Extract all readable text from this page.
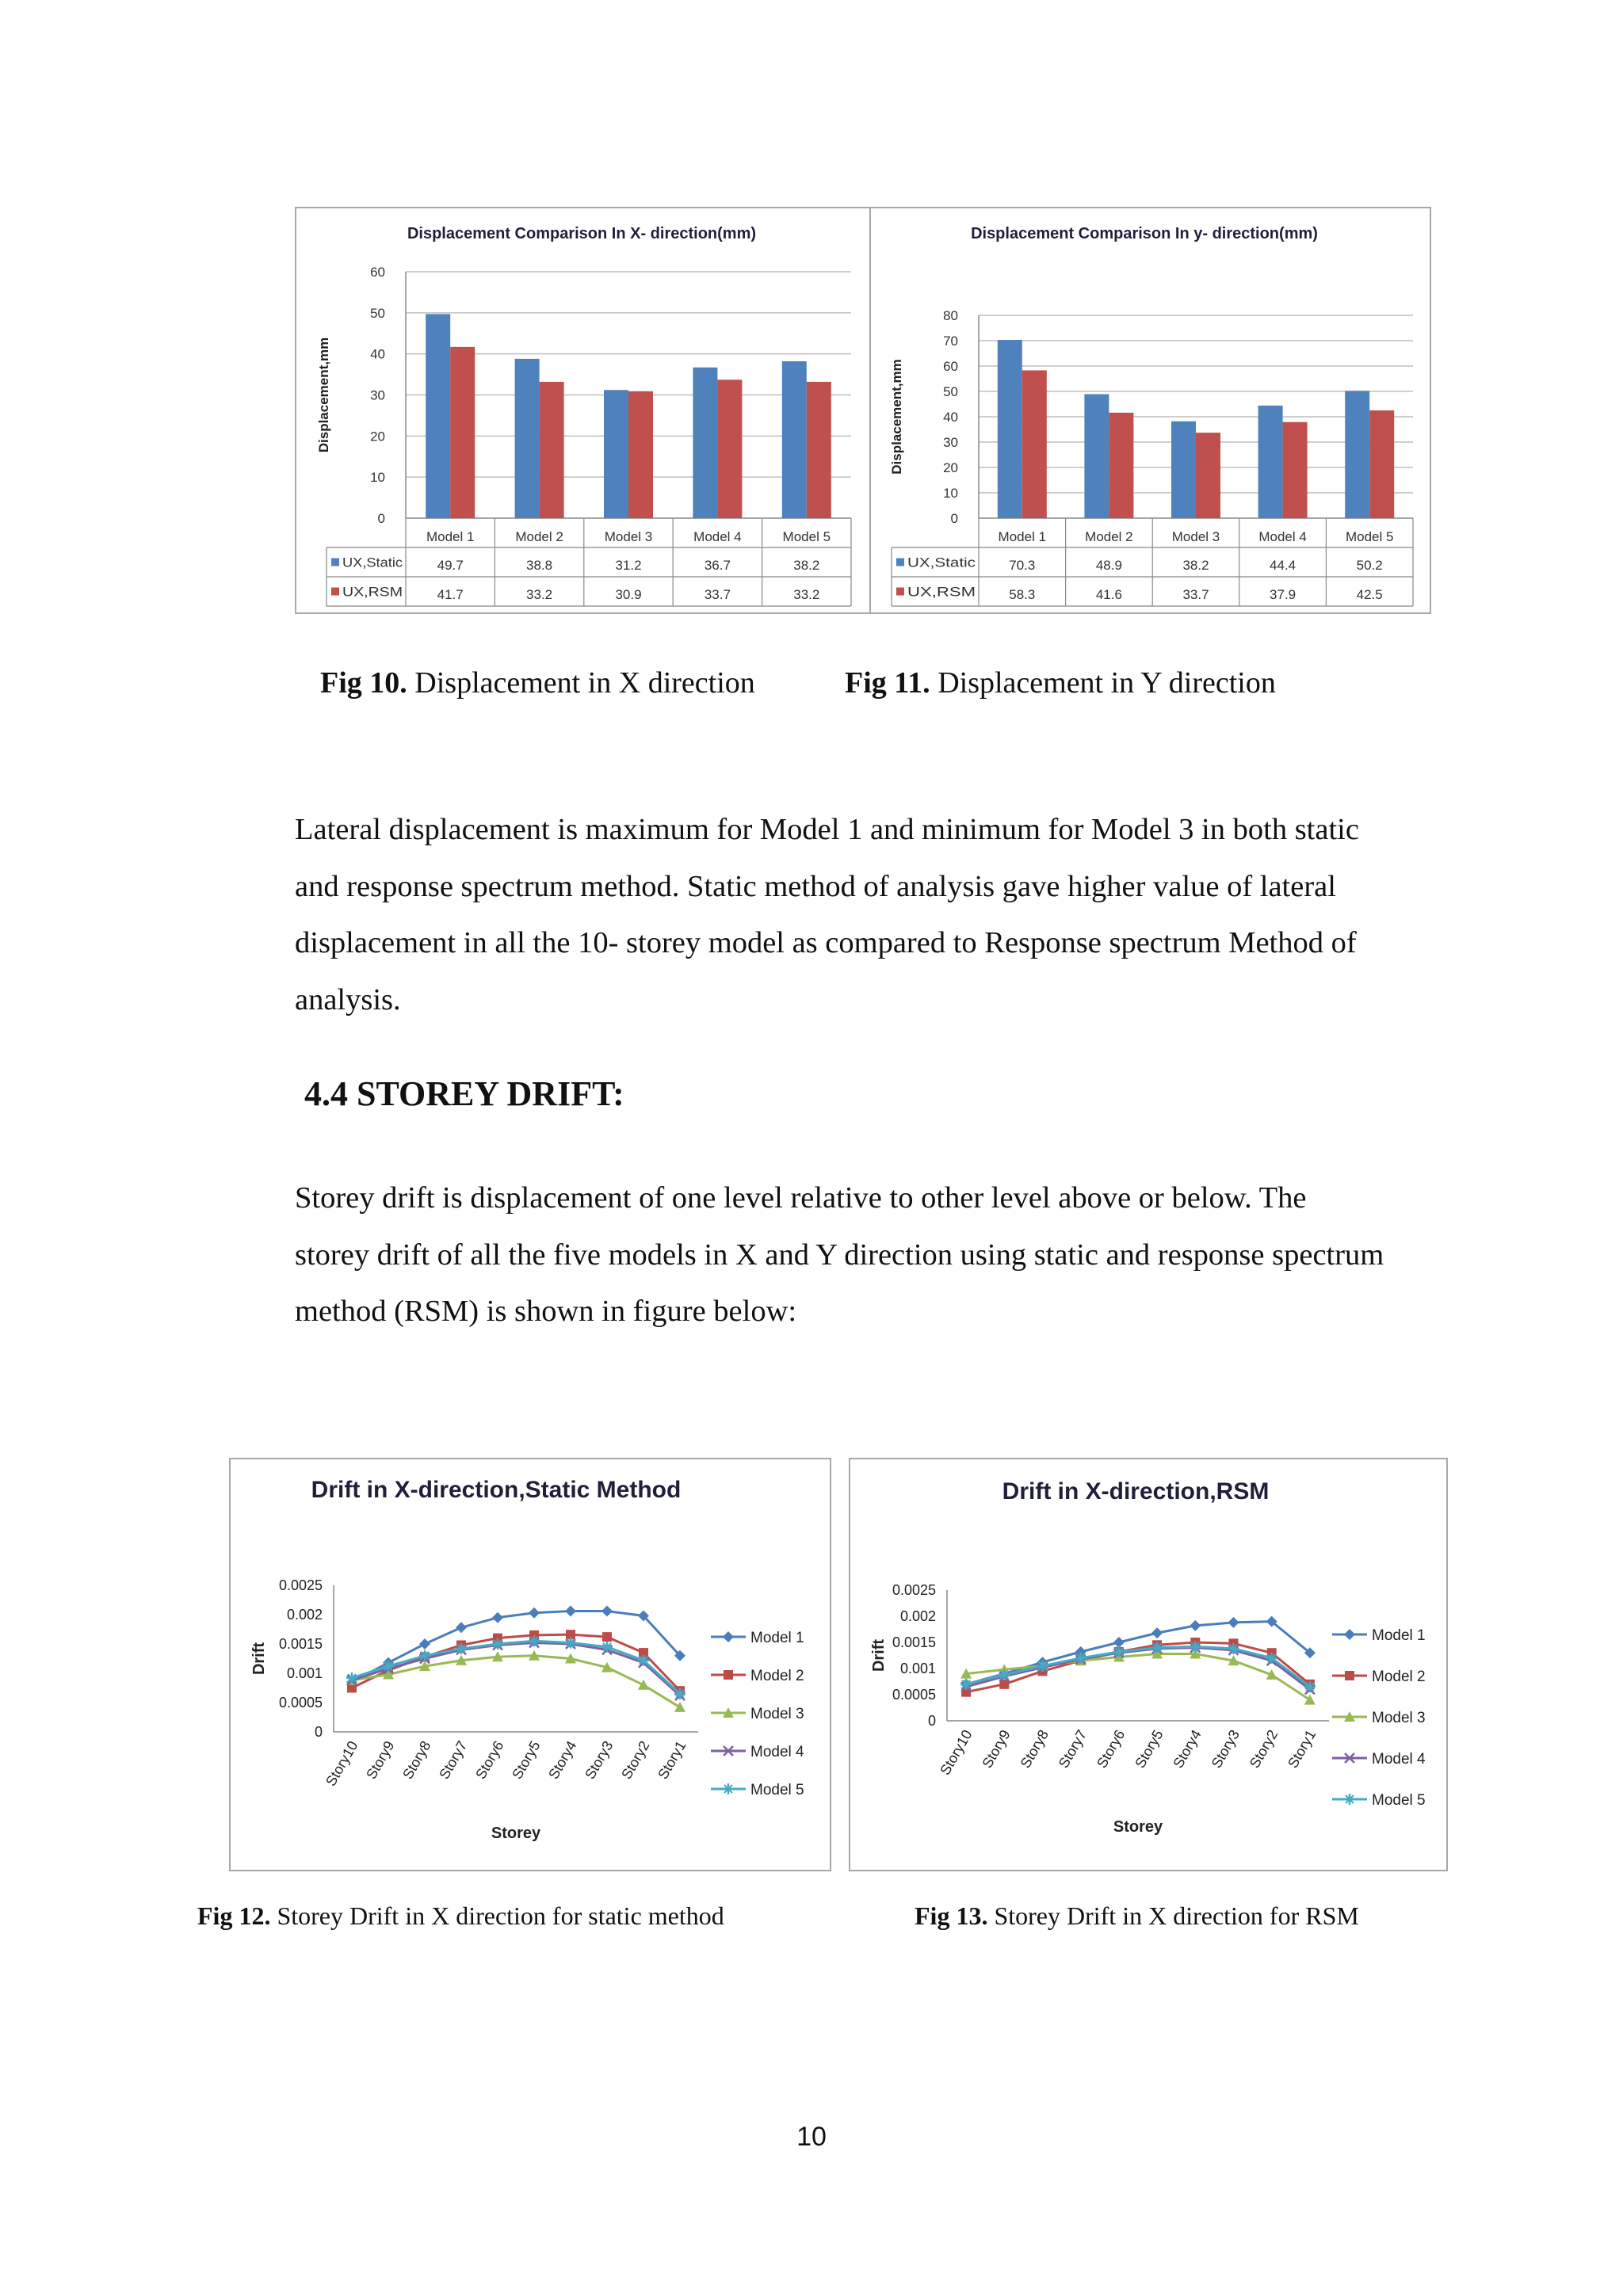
Displacement Comparison In X- direction(mm)
Displacement,mm
0
10
20
30
40
50
60
Model 1
49.7
41.7
Model 2
38.8
33.2
Model 3
31.2
30.9
Model 4
36.7
33.7
Model 5
38.2
33.2
UX,Static
UX,RSM
Displacement Comparison In y- direction(mm)
Displacement,mm
0
10
20
30
40
50
60
70
80
Model 1
70.3
58.3
Model 2
48.9
41.6
Model 3
38.2
33.7
Model 4
44.4
37.9
Model 5
50.2
42.5
UX,Static
UX,RSM
Fig 10. Displacement in X direction	Fig 11. Displacement in Y direction

Lateral displacement is maximum for Model 1 and minimum for Model 3 in both static

and response spectrum method. Static method of analysis gave higher value of lateral

displacement in all the 10- storey model as compared to Response spectrum Method of

analysis.

4.4 STOREY DRIFT:

Storey drift is displacement of one level relative to other level above or below. The

storey drift of all the five models in X and Y direction using static and response spectrum

method (RSM) is shown in figure below:

Drift in X-direction,Static Method
Drift
0
0.0005
0.001
0.0015
0.002
0.0025
Story10 Story9 Story8 Story7 Story6 Story5 Story4 Story3 Story2 Story1
Storey
Model 1
Model 2
Model 3
Model 4
Model 5
Drift in X-direction,RSM
Drift
0
0.0005
0.001
0.0015
0.002
0.0025
Story10 Story9 Story8 Story7 Story6 Story5 Story4 Story3 Story2 Story1
Storey
Model 1
Model 2
Model 3
Model 4
Model 5
Fig 12. Storey Drift in X direction for static method	Fig 13. Storey Drift in X direction for RSM
10
